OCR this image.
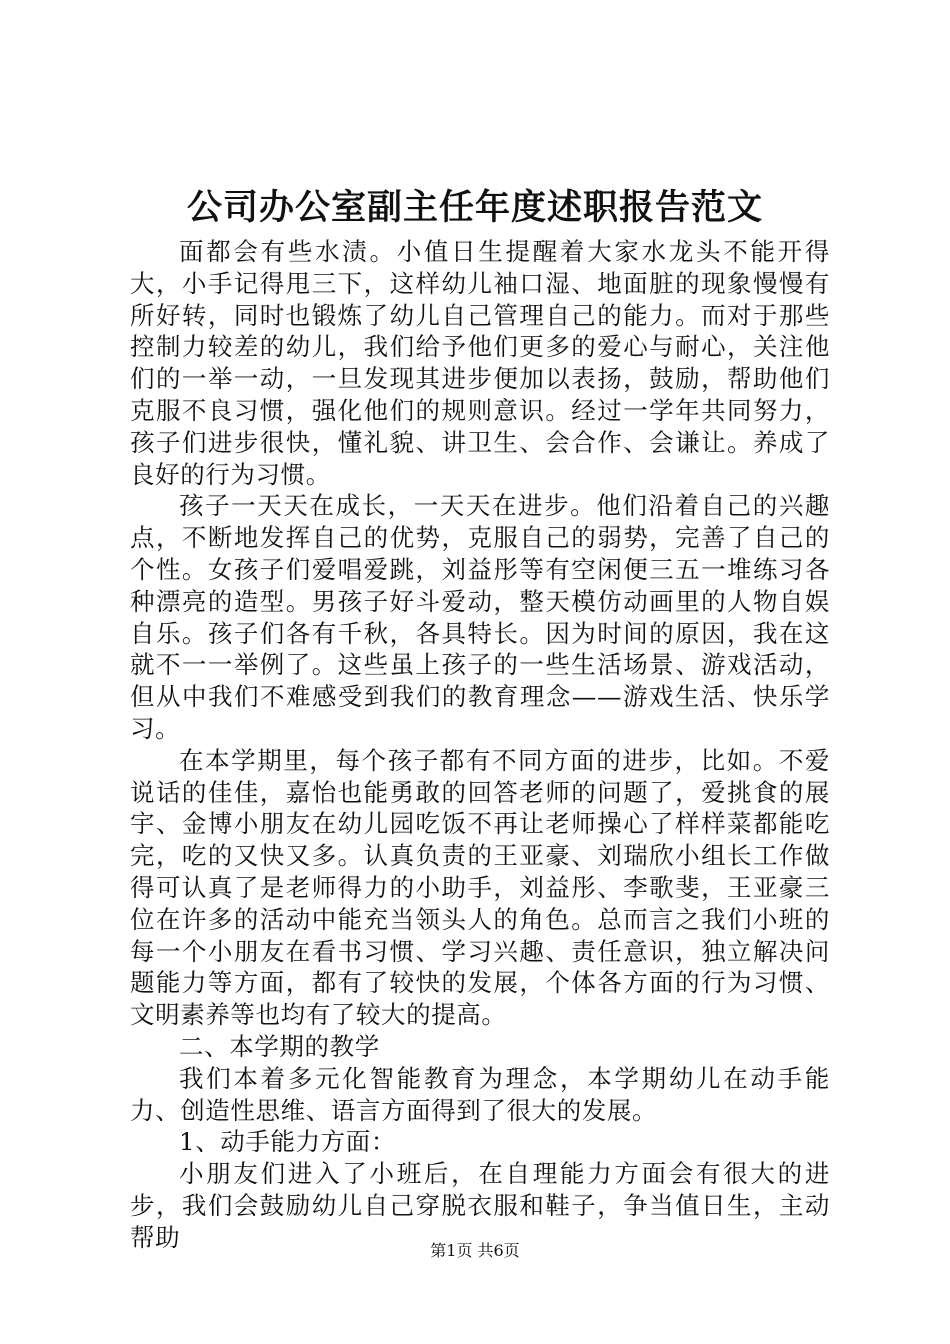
公司办公室副主任年度述职报告范文

面都会有些水渍。小值日生提醒着大家水龙头不能开得大，小手记得甩三下，这样幼儿袖口湿、地面脏的现象慢慢有所好转，同时也锻炼了幼儿自己管理自己的能力。而对于那些控制力较差的幼儿，我们给予他们更多的爱心与耐心，关注他们的一举一动，一旦发现其进步便加以表扬，鼓励，帮助他们克服不良习惯，强化他们的规则意识。经过一学年共同努力，孩子们进步很快，懂礼貌、讲卫生、会合作、会谦让。养成了良好的行为习惯。

孩子一天天在成长，一天天在进步。他们沿着自己的兴趣点，不断地发挥自己的优势，克服自己的弱势，完善了自己的个性。女孩子们爱唱爱跳，刘益彤等有空闲便三五一堆练习各种漂亮的造型。男孩子好斗爱动，整天模仿动画里的人物自娱自乐。孩子们各有千秋，各具特长。因为时间的原因，我在这就不一一举例了。这些虽上孩子的一些生活场景、游戏活动，但从中我们不难感受到我们的教育理念——游戏生活、快乐学习。

在本学期里，每个孩子都有不同方面的进步，比如。不爱说话的佳佳，嘉怡也能勇敢的回答老师的问题了，爱挑食的展宇、金博小朋友在幼儿园吃饭不再让老师操心了样样菜都能吃完，吃的又快又多。认真负责的王亚豪、刘瑞欣小组长工作做得可认真了是老师得力的小助手，刘益彤、李歌斐，王亚豪三位在许多的活动中能充当领头人的角色。总而言之我们小班的每一个小朋友在看书习惯、学习兴趣、责任意识，独立解决问题能力等方面，都有了较快的发展，个体各方面的行为习惯、文明素养等也均有了较大的提高。

二、本学期的教学

我们本着多元化智能教育为理念，本学期幼儿在动手能力、创造性思维、语言方面得到了很大的发展。

1、动手能力方面：

小朋友们进入了小班后，在自理能力方面会有很大的进步，我们会鼓励幼儿自己穿脱衣服和鞋子，争当值日生，主动帮助	第1页 共6页
